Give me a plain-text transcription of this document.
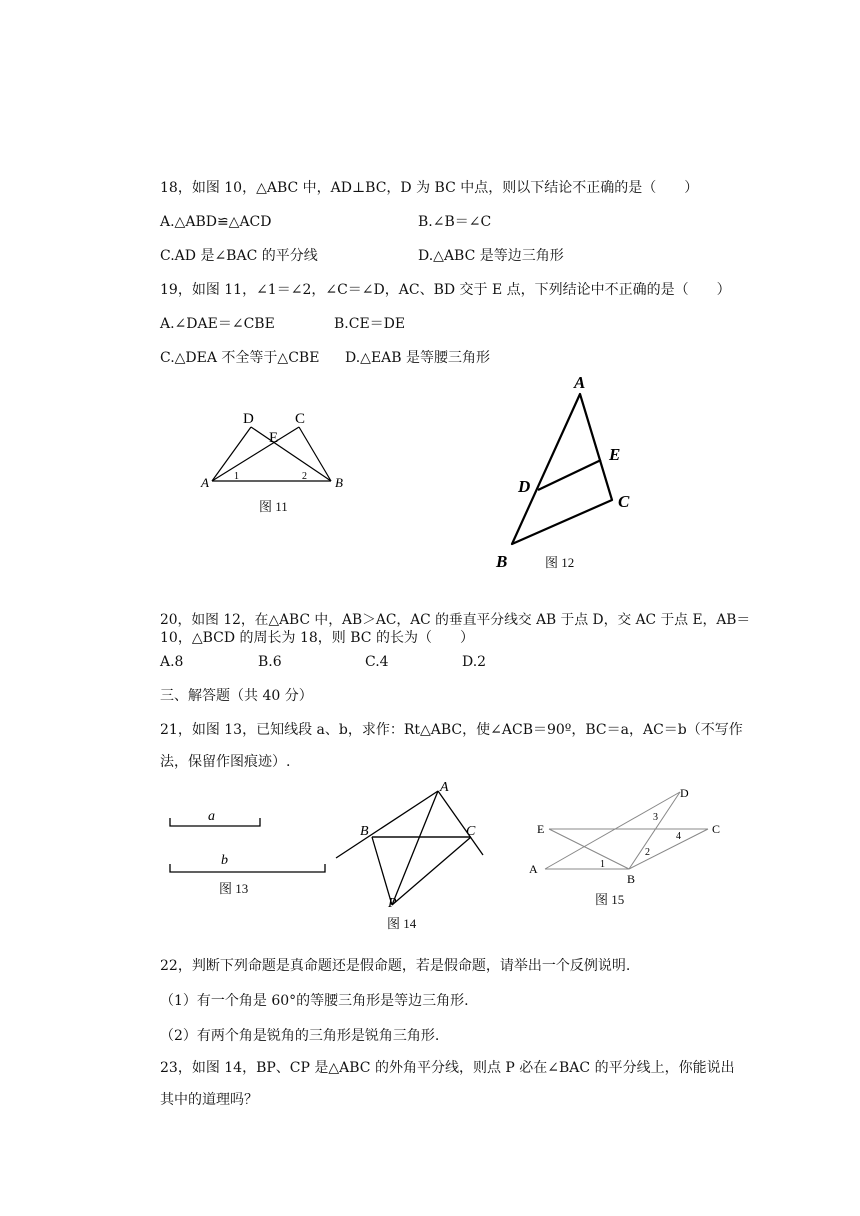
18，如图 10，△ABC 中，AD⊥BC，D 为 BC 中点，则以下结论不正确的是（　　）
A.△ABD≌△ACD	B.∠B＝∠C
C.AD 是∠BAC 的平分线	D.△ABC 是等边三角形
19，如图 11，∠1＝∠2，∠C＝∠D，AC、BD 交于 E 点，下列结论中不正确的是（　　）
A.∠DAE＝∠CBE	B.CE＝DE
C.△DEA 不全等于△CBE D.△EAB 是等腰三角形
D	C
E
A	B
1	2
图 11
A
E
D
C
B	图 12
20，如图 12，在△ABC 中，AB＞AC，AC 的垂直平分线交 AB 于点 D，交 AC 于点 E，AB＝
10，△BCD 的周长为 18，则 BC 的长为（　　）
A.8	B.6	C.4	D.2
三、解答题（共 40 分）
21，如图 13，已知线段 a、b，求作：Rt△ABC，使∠ACB＝90º，BC＝a，AC＝b（不写作
法，保留作图痕迹）.
a
b
图 13
A
B	C
P
图 14
D
E	C
A
B
1
2
3
4
图 15
22，判断下列命题是真命题还是假命题，若是假命题，请举出一个反例说明.
（1）有一个角是 60°的等腰三角形是等边三角形.
（2）有两个角是锐角的三角形是锐角三角形.
23，如图 14，BP、CP 是△ABC 的外角平分线，则点 P 必在∠BAC 的平分线上，你能说出
其中的道理吗？
